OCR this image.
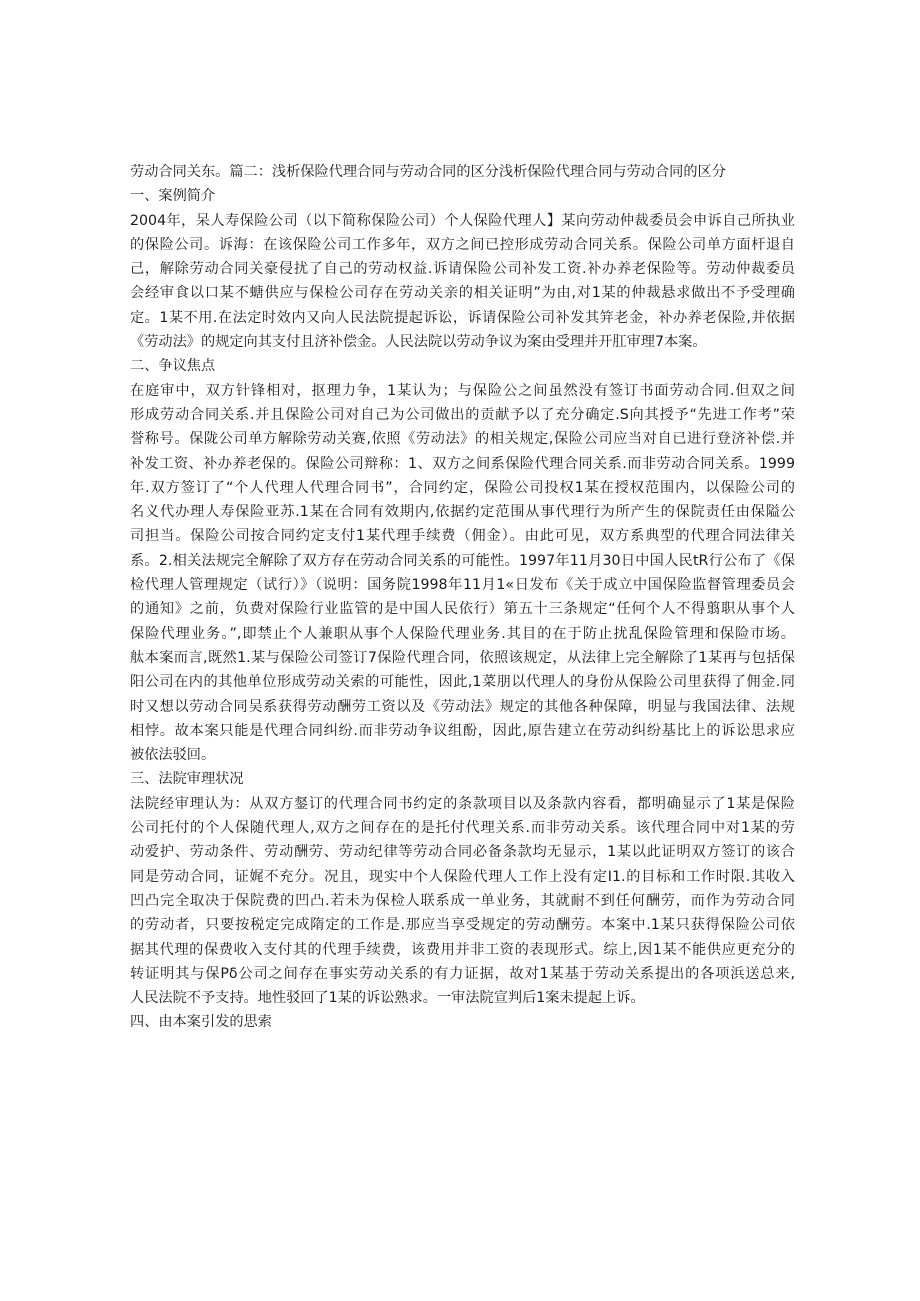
劳动合同关东。篇二：浅析保险代理合同与劳动合同的区分浅析保险代理合同与劳动合同的区分
一、案例简介
2004年，呆人寿保险公司（以下简称保险公司）个人保险代理人】某向劳动仲裁委员会申诉自己所执业
的保险公司。诉海：在该保险公司工作多年，双方之间已控形成劳动合同关系。保险公司单方面杆退自
己，解除劳动合同关豪侵扰了自己的劳动权益.诉请保险公司补发工资.补办养老保险等。劳动仲裁委员
会经审食以口某不螗供应与保检公司存在劳动关亲的相关证明”为由,对1某的仲裁悬求做出不予受理确
定。1某不用.在法定时效内又向人民法院提起诉讼，诉请保险公司补发其笄老金，补办养老保险,并依据
《劳动法》的规定向其支付且济补偿金。人民法院以劳动争议为案由受理并开肛审理7本案。
二、争议焦点
在庭审中，双方针锋相对，抠理力争，1某认为；与保险公之间虽然没有签订书面劳动合同.但双之间
形成劳动合同关系.并且保险公司对自己为公司做出的贡献予以了充分确定.S向其授予“先进工作考”荣
誉称号。保陇公司单方解除劳动关赛,依照《劳动法》的相关规定,保险公司应当对自已进行登济补偿.并
补发工资、补办养老保的。保险公司辩称：1、双方之间系保险代理合同关系.而非劳动合同关系。1999
年.双方签订了“个人代理人代理合同书”，合同约定，保险公司投权1某在授权范围内，以保险公司的
名义代办理人寿保险亚苏.1某在合同有效期内,依据约定范围从事代理行为所产生的保院责任由保隘公
司担当。保险公司按合同约定支付1某代理手续费（佣金）。由此可见，双方系典型的代理合同法律关
系。2.相关法规完全解除了双方存在劳动合同关系的可能性。1997年11月30日中国人民tR行公布了《保
检代理人管理规定（试行）》（说明：国务院1998年11月1«日发布《关于成立中国保险监督管理委员会
的通知》之前，负费对保险行业监管的是中国人民依行）第五十三条规定“任何个人不得翦职从事个人
保险代理业务。”,即禁止个人兼职从事个人保险代理业务.其目的在于防止扰乱保险管理和保险市场。
舦本案而言,既然1.某与保险公司签订7保险代理合同，依照该规定，从法律上完全解除了1某再与包括保
阳公司在内的其他单位形成劳动关索的可能性，因此,1菜朋以代理人的身份从保险公司里获得了佣金.同
时又想以劳动合同吴系获得劳动酬劳工资以及《劳动法》规定的其他各种保障，明显与我国法律、法规
相悖。故本案只能是代理合同纠纷.而非劳动争议组酚，因此,原告建立在劳动纠纷基比上的诉讼思求应
被依法驳回。
三、法院审理状况
法院经审理认为：从双方錖订的代理合同书约定的条款项目以及条款内容看，都明确显示了1某是保险
公司托付的个人保随代理人,双方之间存在的是托付代理关系.而非劳动关系。该代理合同中对1某的劳
动爱护、劳动条件、劳动酬劳、劳动纪律等劳动合同必备条款均无显示，1某以此证明双方签订的该合
同是劳动合同，证娓不充分。况且，现实中个人保险代理人工作上没有定I1.的目标和工作时限.其收入
凹凸完全取决于保院费的凹凸.若未为保检人联系成一单业务，其就耐不到任何酬劳，而作为劳动合同
的劳动者，只要按税定完成隋定的工作是.那应当享受规定的劳动酬劳。本案中.1某只获得保险公司依
据其代理的保费收入支付其的代理手续费，该费用并非工资的表现形式。综上,因1某不能供应更充分的
转证明其与保Pδ公司之间存在事实劳动关系的有力证据，故对1某基于劳动关系提出的各项浜送总来,
人民法院不予支持。地性驳回了1某的诉讼熟求。一审法院宣判后1案未提起上诉。
四、由本案引发的思索
